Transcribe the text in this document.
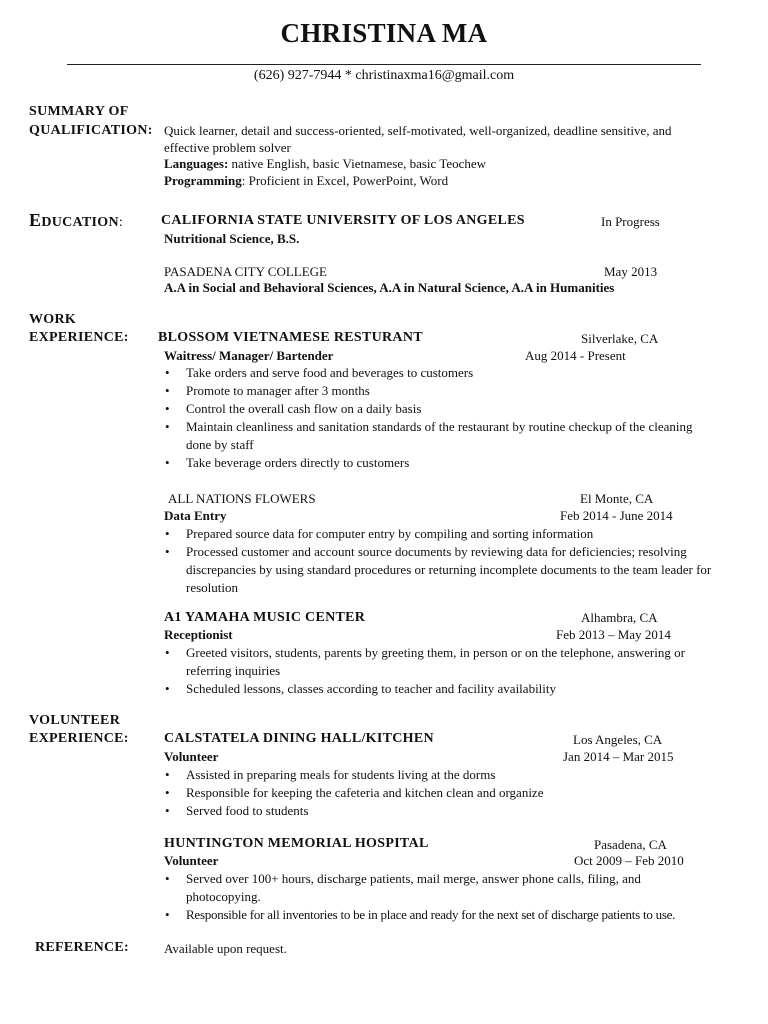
CHRISTINA MA
(626) 927-7944 * christinaxma16@gmail.com
SUMMARY OF
QUALIFICATION: Quick learner, detail and success-oriented, self-motivated, well-organized, deadline sensitive, and
effective problem solver
Languages: native English, basic Vietnamese, basic Teochew
Programming: Proficient in Excel, PowerPoint, Word
EDUCATION:	CALIFORNIA STATE UNIVERSITY OF LOS ANGELES	In Progress
Nutritional Science, B.S.
PASADENA CITY COLLEGE	May 2013
A.A in Social and Behavioral Sciences, A.A in Natural Science, A.A in Humanities
WORK
EXPERIENCE: BLOSSOM VIETNAMESE RESTURANT	Silverlake, CA
Waitress/ Manager/ Bartender	Aug 2014 - Present
• Take orders and serve food and beverages to customers
• Promote to manager after 3 months
• Control the overall cash flow on a daily basis
• Maintain cleanliness and sanitation standards of the restaurant by routine checkup of the cleaning done by staff
• Take beverage orders directly to customers
ALL NATIONS FLOWERS	El Monte, CA
Data Entry	Feb 2014 - June 2014
• Prepared source data for computer entry by compiling and sorting information
• Processed customer and account source documents by reviewing data for deficiencies; resolving discrepancies by using standard procedures or returning incomplete documents to the team leader for resolution
A1 YAMAHA MUSIC CENTER	Alhambra, CA
Receptionist	Feb 2013 – May 2014
• Greeted visitors, students, parents by greeting them, in person or on the telephone, answering or referring inquiries
• Scheduled lessons, classes according to teacher and facility availability
VOLUNTEER
EXPERIENCE:	CALSTATELA DINING HALL/KITCHEN	Los Angeles, CA
Volunteer	Jan 2014 – Mar 2015
• Assisted in preparing meals for students living at the dorms
• Responsible for keeping the cafeteria and kitchen clean and organize
• Served food to students
HUNTINGTON MEMORIAL HOSPITAL	Pasadena, CA
Volunteer	Oct 2009 – Feb 2010
• Served over 100+ hours, discharge patients, mail merge, answer phone calls, filing, and photocopying.
• Responsible for all inventories to be in place and ready for the next set of discharge patients to use.
REFERENCE:	Available upon request.
